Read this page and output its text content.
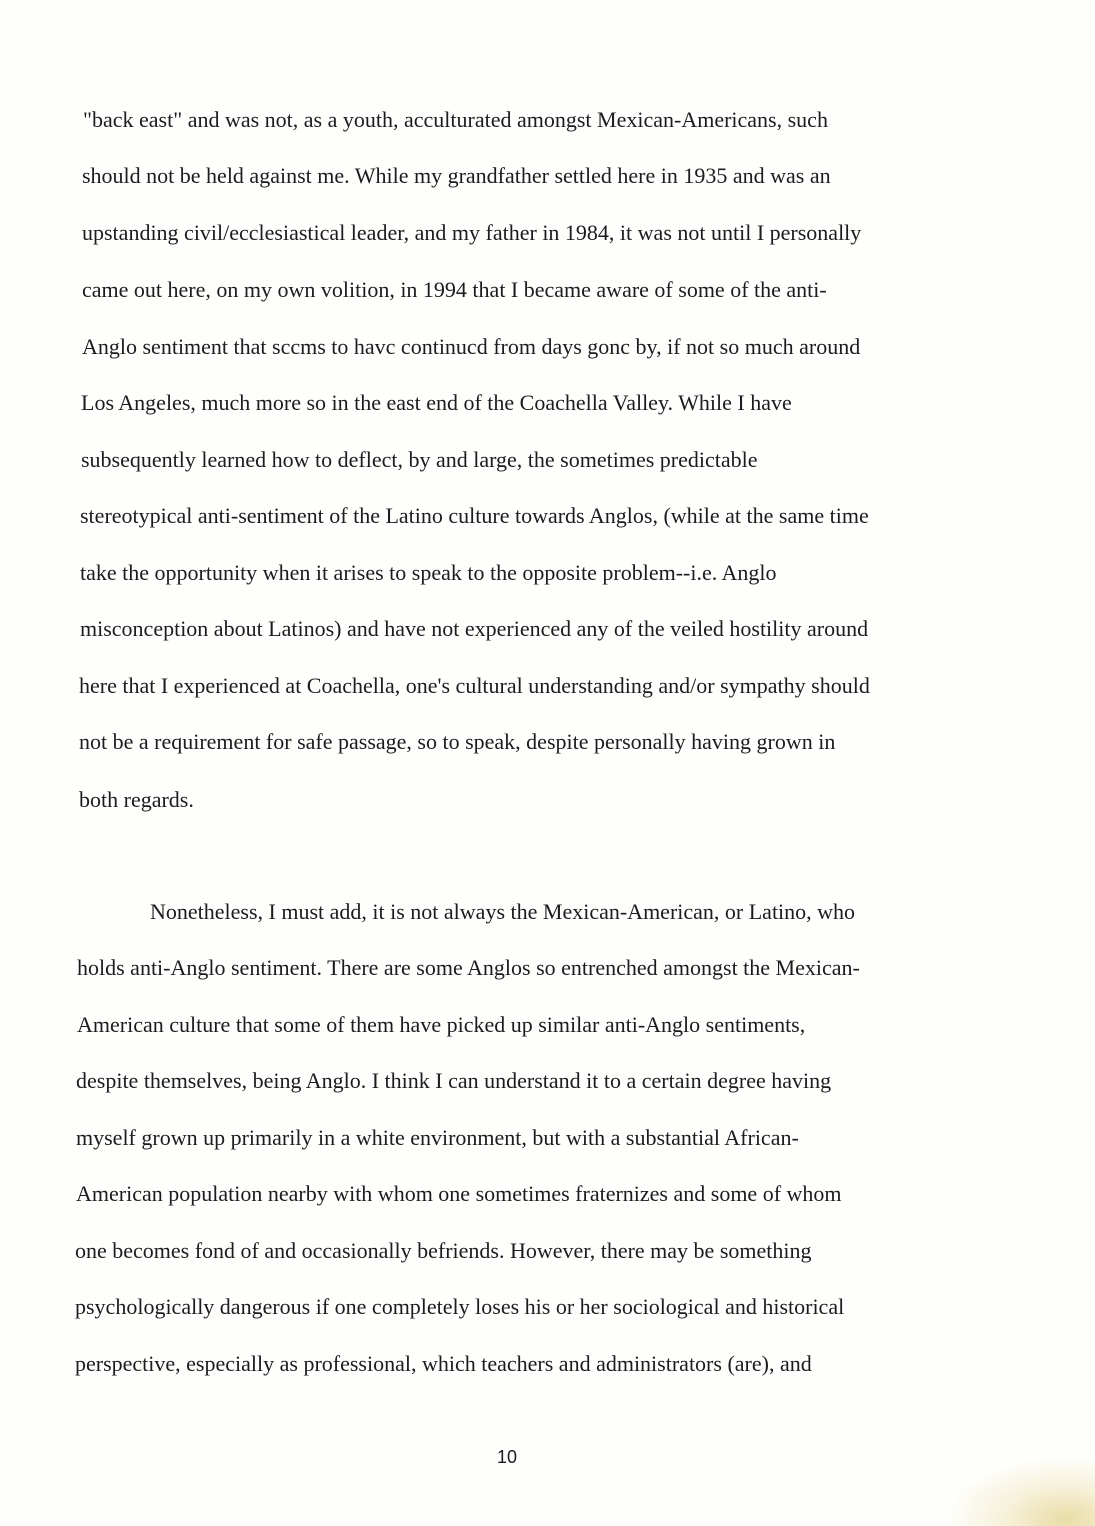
"back east" and was not, as a youth, acculturated amongst Mexican-Americans, such
should not be held against me. While my grandfather settled here in 1935 and was an
upstanding civil/ecclesiastical leader, and my father in 1984, it was not until I personally
came out here, on my own volition, in 1994 that I became aware of some of the anti-
Anglo sentiment that sccms to havc continucd from days gonc by, if not so much around
Los Angeles, much more so in the east end of the Coachella Valley. While I have
subsequently learned how to deflect, by and large, the sometimes predictable
stereotypical anti-sentiment of the Latino culture towards Anglos, (while at the same time
take the opportunity when it arises to speak to the opposite problem--i.e. Anglo
misconception about Latinos) and have not experienced any of the veiled hostility around
here that I experienced at Coachella, one's cultural understanding and/or sympathy should
not be a requirement for safe passage, so to speak, despite personally having grown in
both regards.
Nonetheless, I must add, it is not always the Mexican-American, or Latino, who
holds anti-Anglo sentiment. There are some Anglos so entrenched amongst the Mexican-
American culture that some of them have picked up similar anti-Anglo sentiments,
despite themselves, being Anglo. I think I can understand it to a certain degree having
myself grown up primarily in a white environment, but with a substantial African-
American population nearby with whom one sometimes fraternizes and some of whom
one becomes fond of and occasionally befriends. However, there may be something
psychologically dangerous if one completely loses his or her sociological and historical
perspective, especially as professional, which teachers and administrators (are), and
10
